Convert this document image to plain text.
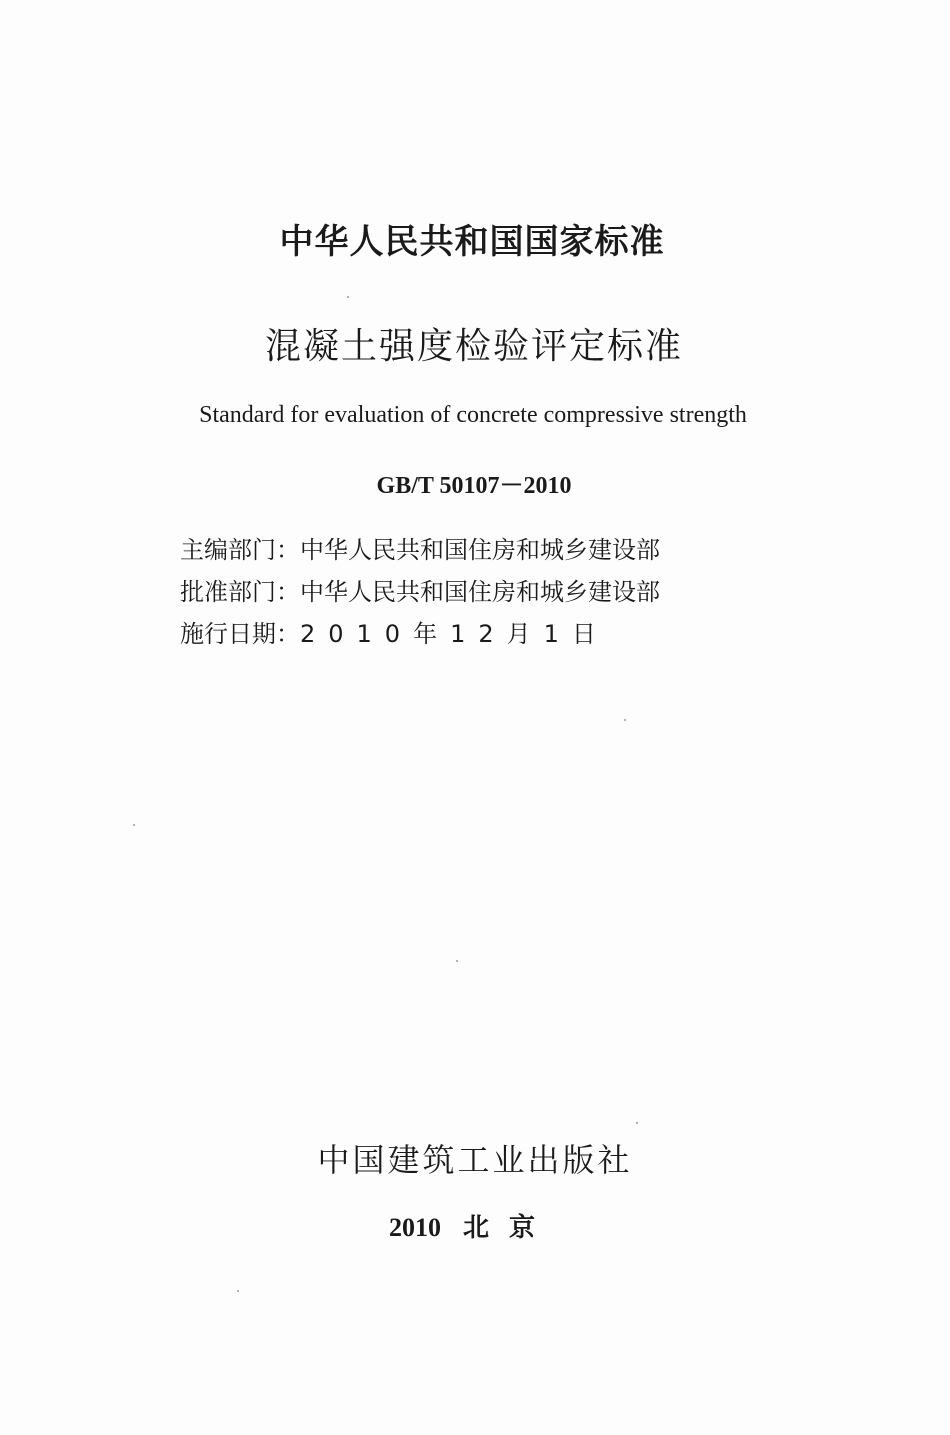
中华人民共和国国家标准
混凝土强度检验评定标准
Standard for evaluation of concrete compressive strength
GB/T 50107－2010
主编部门：中华人民共和国住房和城乡建设部
批准部门：中华人民共和国住房和城乡建设部
施行日期：2010年12月1日
中国建筑工业出版社
2010 北京
